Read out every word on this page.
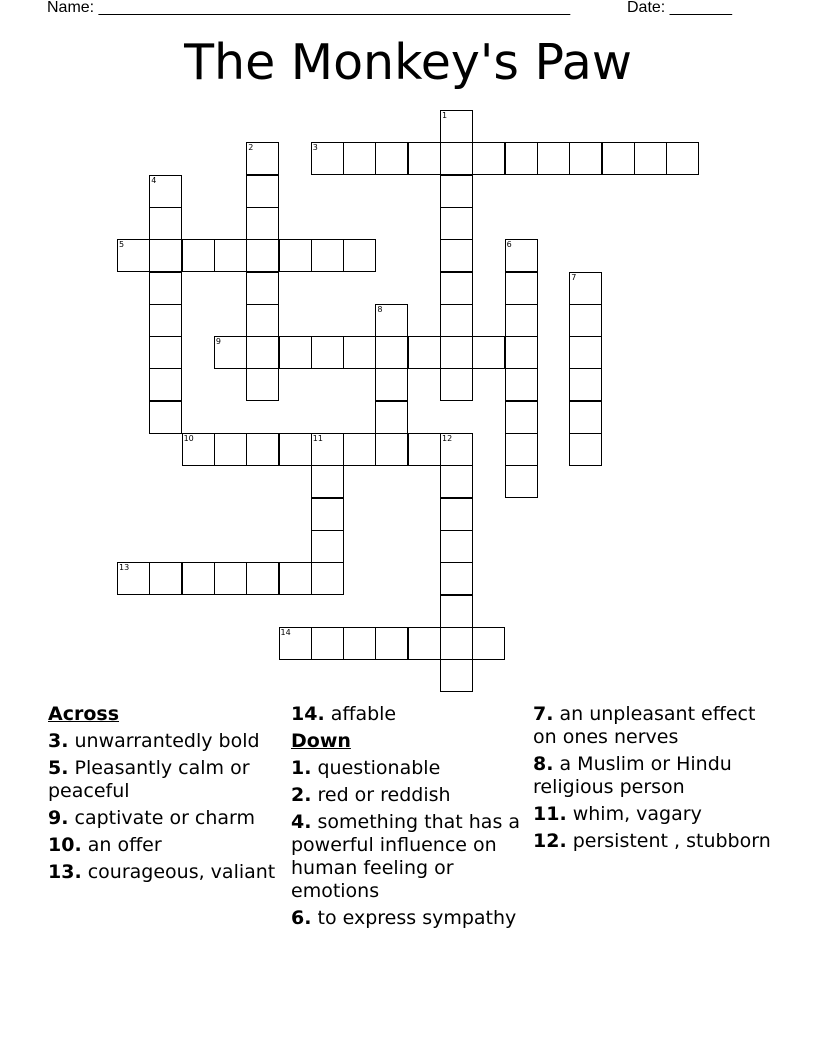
Name: _____________________________________________________

	Date: _______

The Monkey's Paw
1
2	3
4
5	6
7
8
9
10	11	12
13
14
Across
3. unwarrantedly bold
5. Pleasantly calm or peaceful
9. captivate or charm
10. an offer
13. courageous, valiant
14. affable
Down
1. questionable
2. red or reddish
4. something that has a powerful influence on human feeling or emotions
6. to express sympathy
7. an unpleasant effect on ones nerves
8. a Muslim or Hindu religious person
11. whim, vagary
12. persistent , stubborn
